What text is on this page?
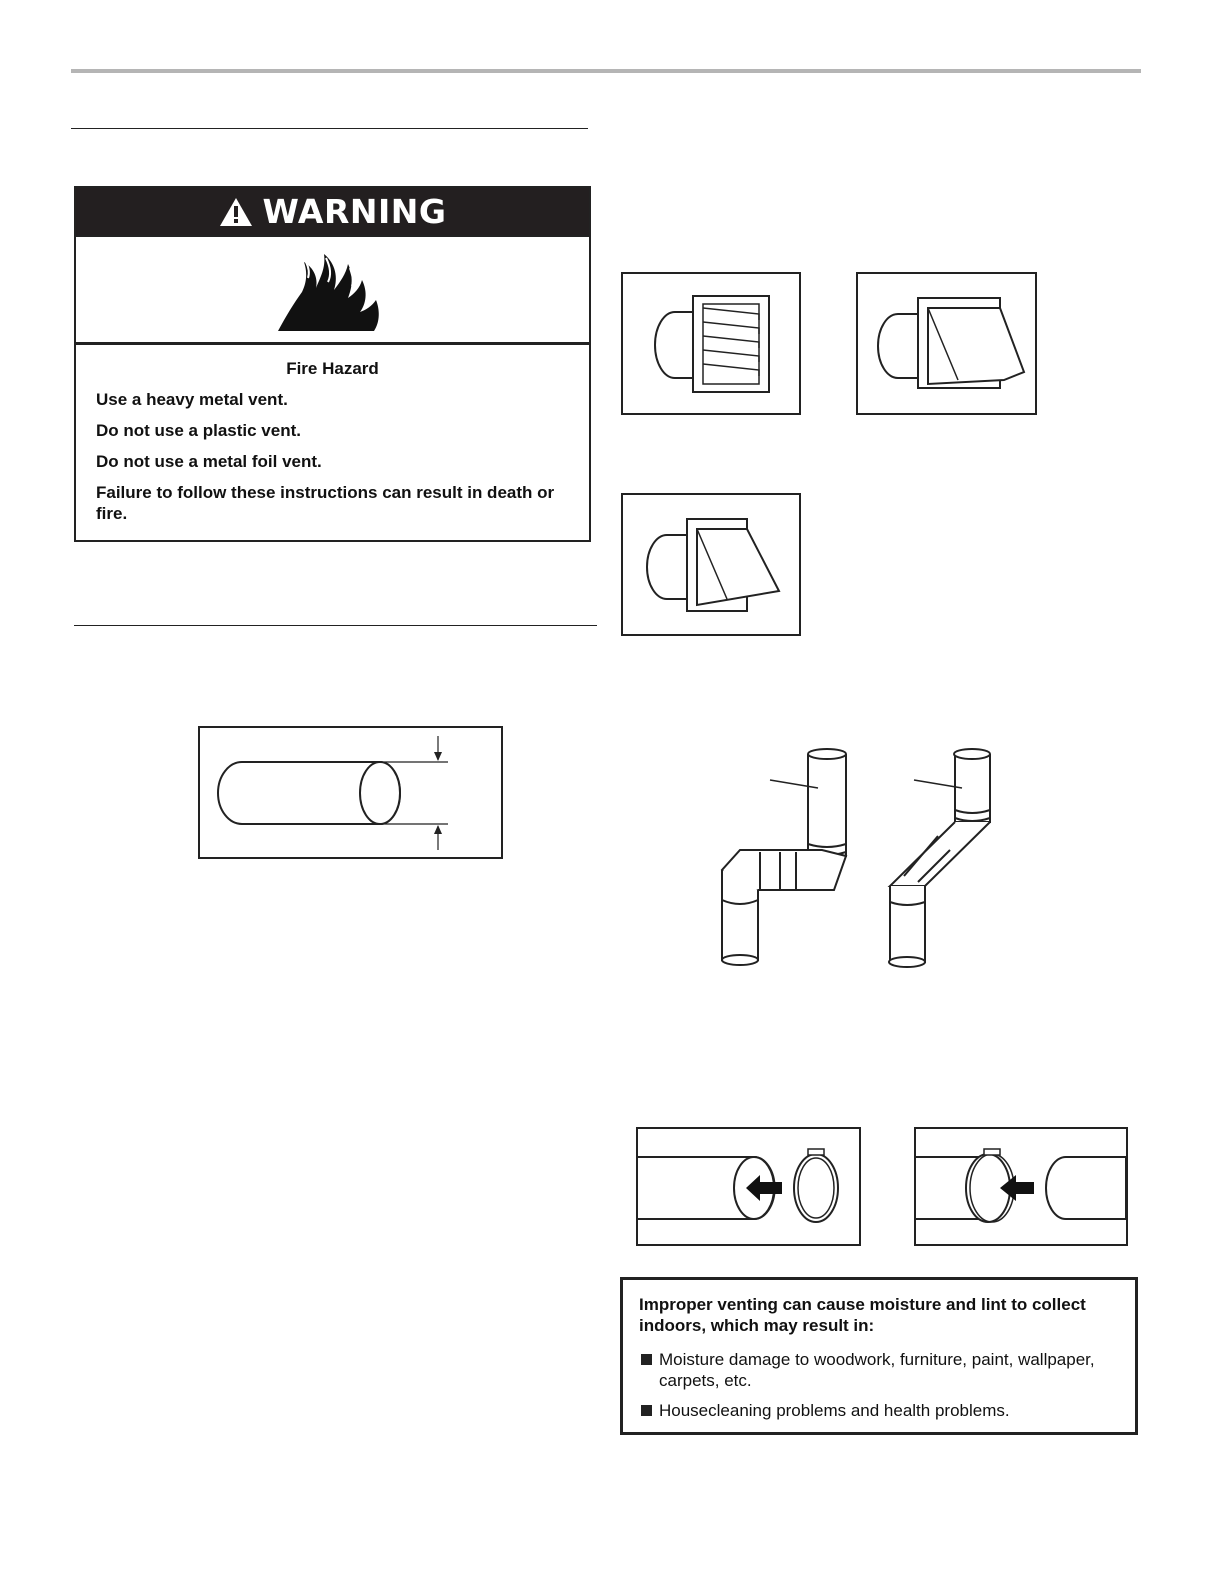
WARNING
Fire Hazard
Use a heavy metal vent.
Do not use a plastic vent.
Do not use a metal foil vent.
Failure to follow these instructions can result in death or fire.
Improper venting can cause moisture and lint to collect indoors, which may result in:
Moisture damage to woodwork, furniture, paint, wallpaper, carpets, etc.
Housecleaning problems and health problems.
